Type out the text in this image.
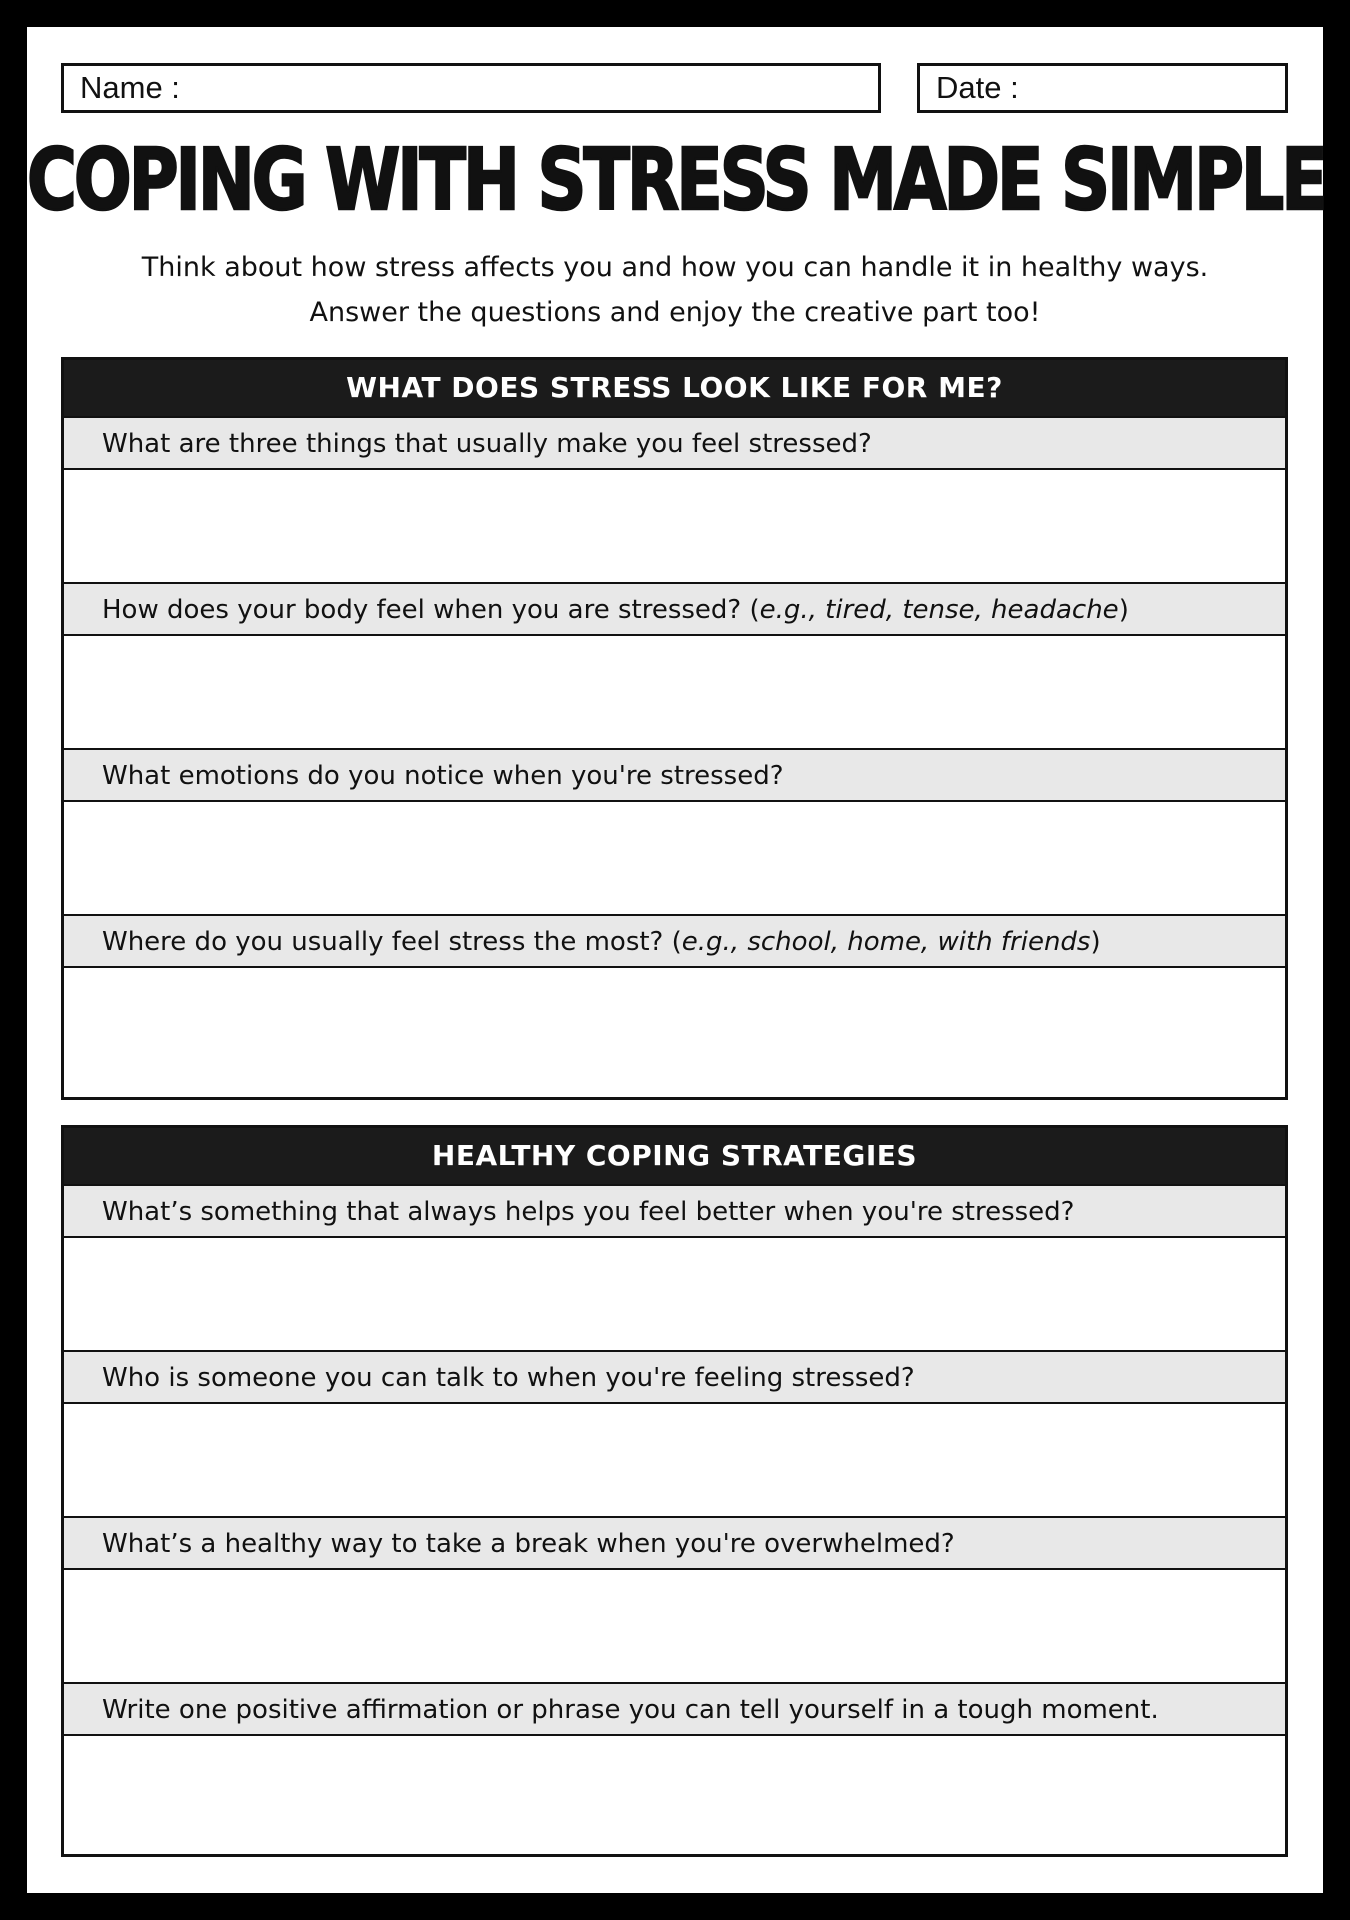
Name :	Date :
COPING WITH STRESS MADE SIMPLE
Think about how stress affects you and how you can handle it in healthy ways.
Answer the questions and enjoy the creative part too!
WHAT DOES STRESS LOOK LIKE FOR ME?
What are three things that usually make you feel stressed?
How does your body feel when you are stressed? (e.g., tired, tense, headache)
What emotions do you notice when you're stressed?
Where do you usually feel stress the most? (e.g., school, home, with friends)
HEALTHY COPING STRATEGIES
What’s something that always helps you feel better when you're stressed?
Who is someone you can talk to when you're feeling stressed?
What’s a healthy way to take a break when you're overwhelmed?
Write one positive affirmation or phrase you can tell yourself in a tough moment.
